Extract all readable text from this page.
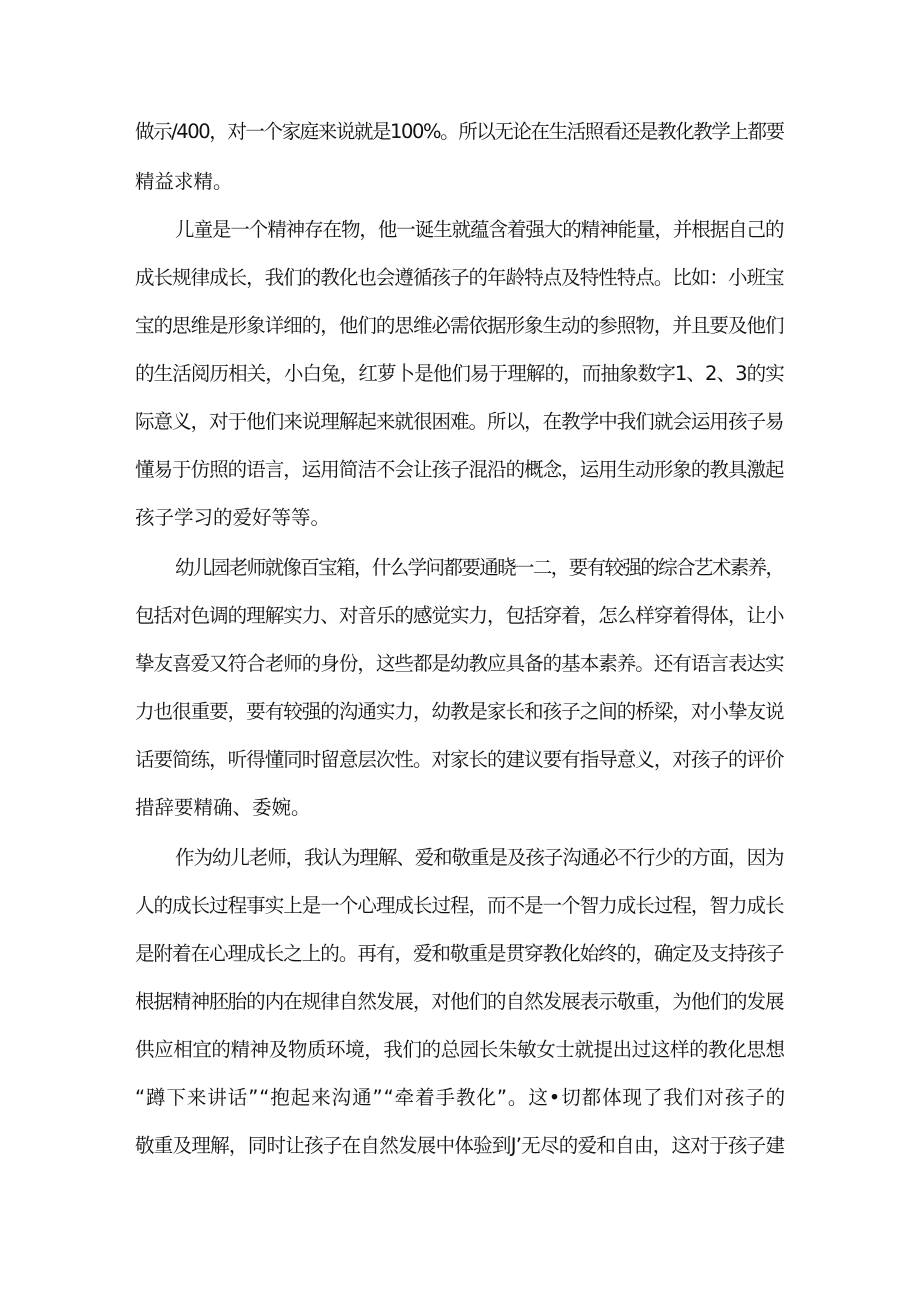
做示/400，对一个家庭来说就是100%。所以无论在生活照看还是教化教学上都要

精益求精。

儿童是一个精神存在物，他一诞生就蕴含着强大的精神能量，并根据自己的

成长规律成长，我们的教化也会遵循孩子的年龄特点及特性特点。比如：小班宝

宝的思维是形象详细的，他们的思维必需依据形象生动的参照物，并且要及他们

的生活阅历相关，小白兔，红萝卜是他们易于理解的，而抽象数字1、2、3的实

际意义，对于他们来说理解起来就很困难。所以，在教学中我们就会运用孩子易

懂易于仿照的语言，运用简洁不会让孩子混沿的概念，运用生动形象的教具激起

孩子学习的爱好等等。

幼儿园老师就像百宝箱，什么学问都要通晓一二，要有较强的综合艺术素养，

包括对色调的理解实力、对音乐的感觉实力，包括穿着，怎么样穿着得体，让小

挚友喜爱又符合老师的身份，这些都是幼教应具备的基本素养。还有语言表达实

力也很重要，要有较强的沟通实力，幼教是家长和孩子之间的桥梁，对小挚友说

话要简练，听得懂同时留意层次性。对家长的建议要有指导意义，对孩子的评价

措辞要精确、委婉。

作为幼儿老师，我认为理解、爱和敬重是及孩子沟通必不行少的方面，因为

人的成长过程事实上是一个心理成长过程，而不是一个智力成长过程，智力成长

是附着在心理成长之上的。再有，爱和敬重是贯穿教化始终的，确定及支持孩子

根据精神胚胎的内在规律自然发展，对他们的自然发展表示敬重，为他们的发展

供应相宜的精神及物质环境，我们的总园长朱敏女士就提出过这样的教化思想

“蹲下来讲话”“抱起来沟通”“牵着手教化”。这•切都体现了我们对孩子的

敬重及理解，同时让孩子在自然发展中体验到J’无尽的爱和自由，这对于孩子建
